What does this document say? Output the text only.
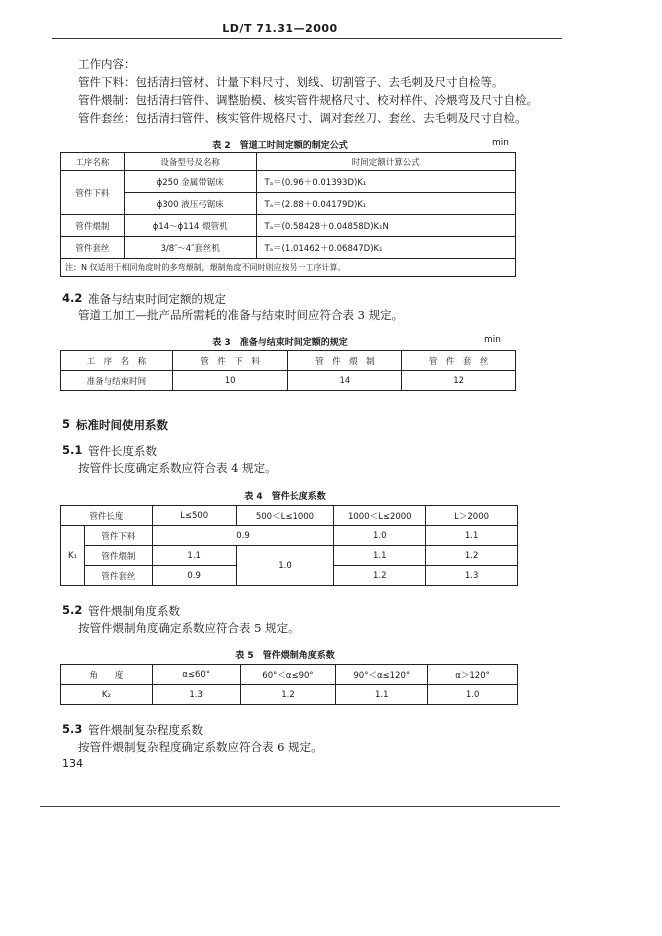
LD/T 71.31—2000
工作内容：
管件下料：包括清扫管材、计量下料尺寸、划线、切割管子、去毛刺及尺寸自检等。
管件煨制：包括清扫管件、调整胎模、核实管件规格尺寸、校对样件、冷煨弯及尺寸自检。
管件套丝：包括清扫管件、核实管件规格尺寸、调对套丝刀、套丝、去毛刺及尺寸自检。
表 2　管道工时间定额的制定公式	min
工序名称	设备型号及名称	时间定额计算公式
管件下料	ϕ250 金属带锯床	Tₐ＝(0.96＋0.01393D)K₁
	ϕ300 液压弓锯床	Tₐ＝(2.88＋0.04179D)K₁
管件煨制	ϕ14～ϕ114 煨管机	Tₐ＝(0.58428＋0.04858D)K₁N
管件套丝	3/8″～4″套丝机	Tₐ＝(1.01462＋0.06847D)K₁
注：N 仅适用于相同角度时的多弯煨制，煨制角度不同时则应按另一工序计算。		
4.2 准备与结束时间定额的规定
管道工加工—批产品所需耗的准备与结束时间应符合表 3 规定。
表 3　准备与结束时间定额的规定	min
工　序　名　称	管　件　下　料	管　件　煨　制	管　件　套　丝
准备与结束时间	10	14	12
5 标准时间使用系数
5.1 管件长度系数
按管件长度确定系数应符合表 4 规定。
表 4　管件长度系数
管件长度		L≤500	500＜L≤1000	1000＜L≤2000	L＞2000
K₁	管件下料	0.9		1.0	1.1
	管件煨制	1.1	1.0	1.1	1.2
	管件套丝	0.9		1.2	1.3
5.2 管件煨制角度系数
按管件煨制角度确定系数应符合表 5 规定。
表 5　管件煨制角度系数
角　　度	α≤60°	60°＜α≤90°	90°＜α≤120°	α＞120°
K₂	1.3	1.2	1.1	1.0
5.3 管件煨制复杂程度系数
按管件煨制复杂程度确定系数应符合表 6 规定。
134
